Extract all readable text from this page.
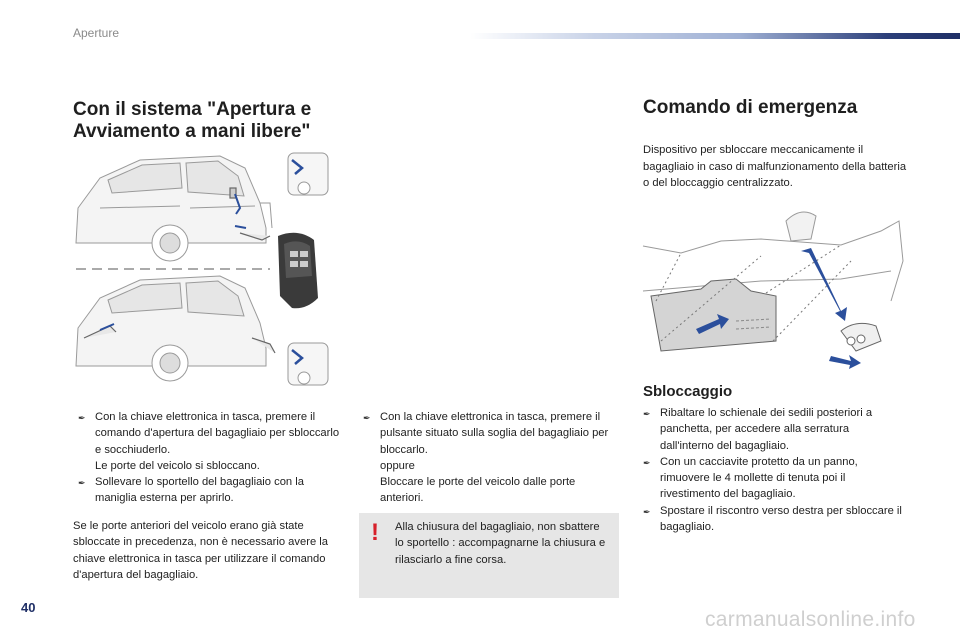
Aperture
Con il sistema "Apertura e
Avviamento a mani libere"
✒ Con la chiave elettronica in tasca, premere il comando d'apertura del bagagliaio per sbloccarlo e socchiuderlo.
Le porte del veicolo si sbloccano.
✒ Sollevare lo sportello del bagagliaio con la maniglia esterna per aprirlo.
Se le porte anteriori del veicolo erano già state sbloccate in precedenza, non è necessario avere la chiave elettronica in tasca per utilizzare il comando d'apertura del bagagliaio.
✒ Con la chiave elettronica in tasca, premere il pulsante situato sulla soglia del bagagliaio per bloccarlo.
oppure
Bloccare le porte del veicolo dalle porte anteriori.
! Alla chiusura del bagagliaio, non sbattere lo sportello : accompagnarne la chiusura e rilasciarlo a fine corsa.
Comando di emergenza
Dispositivo per sbloccare meccanicamente il bagagliaio in caso di malfunzionamento della batteria o del bloccaggio centralizzato.
Sbloccaggio
✒ Ribaltare lo schienale dei sedili posteriori a panchetta, per accedere alla serratura dall'interno del bagagliaio.
✒ Con un cacciavite protetto da un panno, rimuovere le 4 mollette di tenuta poi il rivestimento del bagagliaio.
✒ Spostare il riscontro verso destra per sbloccare il bagagliaio.
40
carmanualsonline.info
